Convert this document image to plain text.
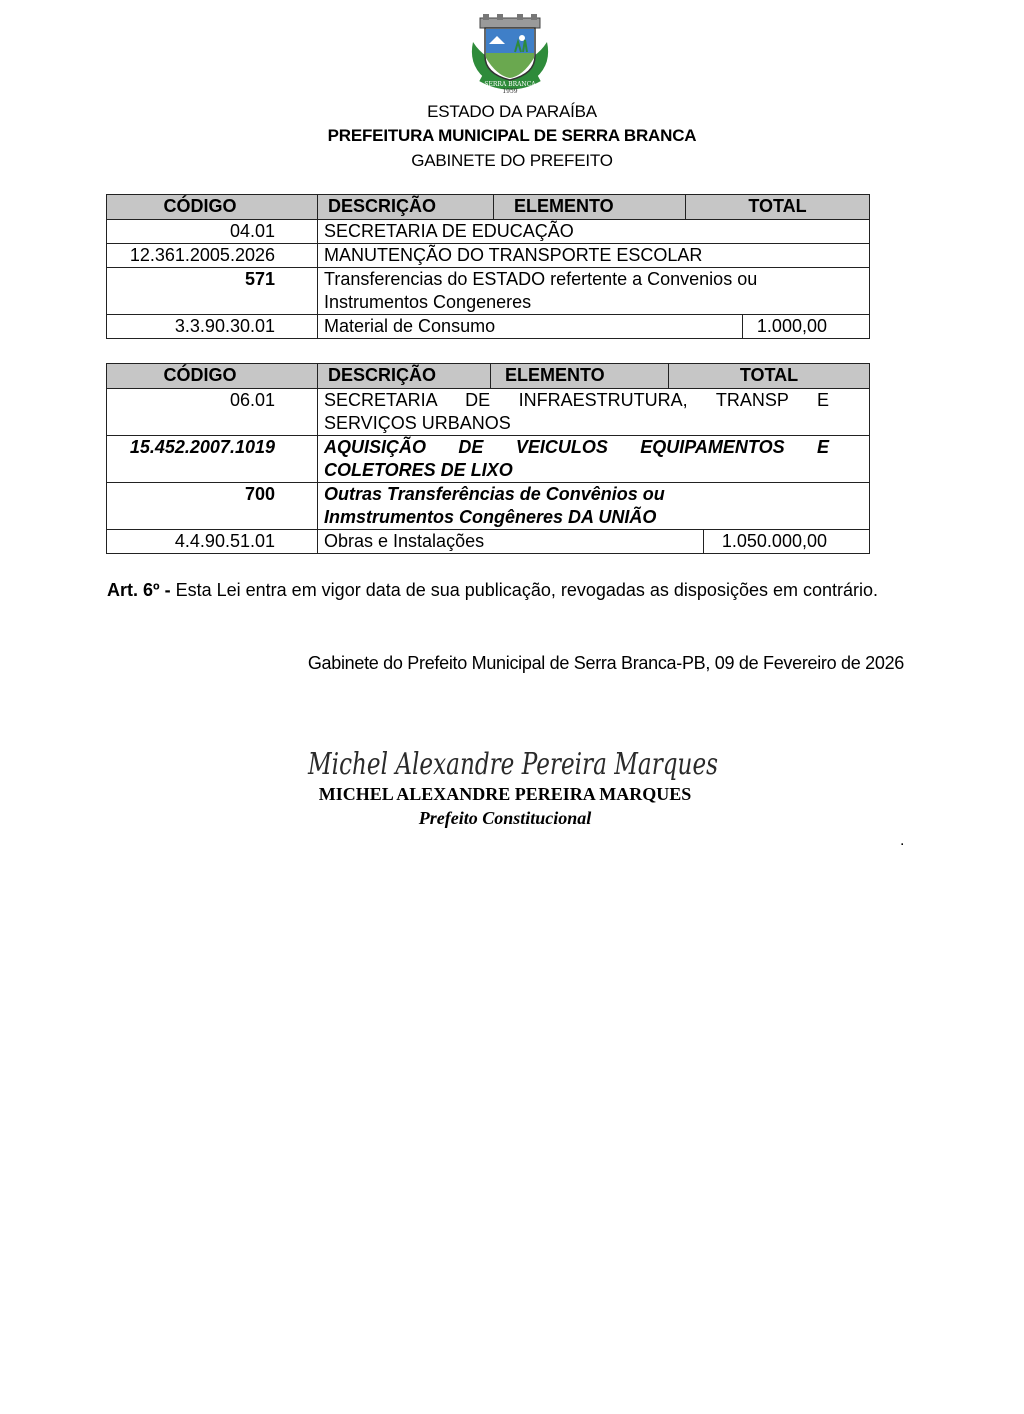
SERRA BRANCA
1959
ESTADO DA PARAÍBA
PREFEITURA MUNICIPAL DE SERRA BRANCA
GABINETE DO PREFEITO
CÓDIGO	DESCRIÇÃO	ELEMENTO	TOTAL
04.01	SECRETARIA DE EDUCAÇÃO
12.361.2005.2026	MANUTENÇÃO DO TRANSPORTE ESCOLAR
571	Transferencias do ESTADO refertente a Convenios ou
Instrumentos Congeneres
3.3.90.30.01	Material de Consumo	1.000,00
CÓDIGO	DESCRIÇÃO	ELEMENTO	TOTAL
06.01	SECRETARIA DE INFRAESTRUTURA, TRANSP E
SERVIÇOS URBANOS
15.452.2007.1019	AQUISIÇÃO DE VEICULOS EQUIPAMENTOS E
COLETORES DE LIXO
700	Outras Transferências de Convênios ou
Inmstrumentos Congêneres DA UNIÃO
4.4.90.51.01	Obras e Instalações	1.050.000,00
Art. 6º - Esta Lei entra em vigor data de sua publicação, revogadas as disposições em contrário.
Gabinete do Prefeito Municipal de Serra Branca-PB, 09 de Fevereiro de 2026
Michel Alexandre Pereira Marques
MICHEL ALEXANDRE PEREIRA MARQUES
Prefeito Constitucional
.
